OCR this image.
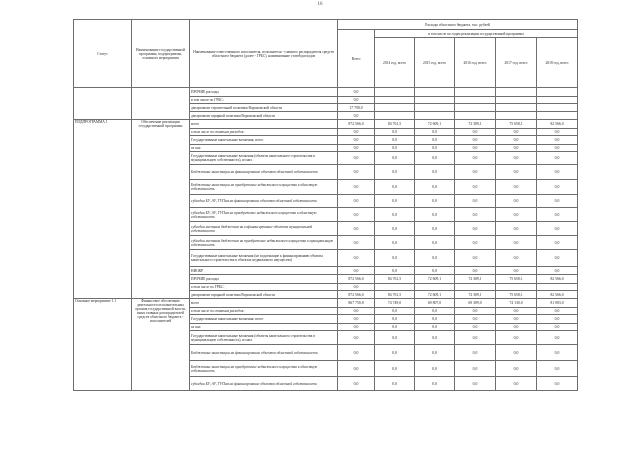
16
Статус	Наименование государственной программы, подпрограммы, основного мероприятия	Наименование ответственного исполнителя, исполнителя - главного распорядителя средств областного бюджета (далее - ГРБС), наименование статей расходов	Расходы областного бюджета, тыс. рублей					
			Всего	в том числе по годам реализации государственной программы				
				2014 год, всего	2015 год, всего	2016 год, всего	2017 год, всего	2018 год, всего
		ПРОЧИЕ расходы	0,0					
		в том числе по ГРБС:	0,0					
		департамент строительной политики Воронежской области	17 790,0					
		департамент аграрной политики Воронежской области	0,0					
ПОДПРОГРАММА 1	Обеспечение реализации государственной программы	всего	872 566,0	84 761,5	72 609,1	72 389,1	75 658,1	82 566,0
		в том числе по статьям расходов:	0,0	0,0	0,0	0,0	0,0	0,0
		Государственные капитальные вложения, всего	0,0	0,0	0,0	0,0	0,0	0,0
		из них:	0,0	0,0	0,0	0,0	0,0	0,0
		Государственные капитальные вложения (объекты капитального строительства в муниципальную собственность), из них	0,0	0,0	0,0	0,0	0,0	0,0
		Бюджетные инвестиции на финансирование объектов областной собственности	0,0	0,0	0,0	0,0	0,0	0,0
		Бюджетные инвестиции на приобретение недвижимого имущества в областную собственность	0,0	0,0	0,0	0,0	0,0	0,0
		субсидии БУ, АУ, ГУПам на финансирование объектов областной собственности	0,0	0,0	0,0	0,0	0,0	0,0
		субсидии БУ, АУ, ГУПам на приобретение недвижимого имущества в областную собственность	0,0	0,0	0,0	0,0	0,0	0,0
		субсидии местным бюджетам на софинансирование объектов муниципальной собственности	0,0	0,0	0,0	0,0	0,0	0,0
		субсидии местным бюджетам на приобретение недвижимого имущества в муниципальную собственность	0,0	0,0	0,0	0,0	0,0	0,0
		Государственные капитальные вложения (не подлежащие к финансированию объекты капитального строительства в объектах недвижимого имущества)	0,0	0,0	0,0	0,0	0,0	0,0
		НИОКР	0,0	0,0	0,0	0,0	0,0	0,0
		ПРОЧИЕ расходы	872 566,0	84 761,5	72 609,1	72 389,1	75 658,1	82 566,0
		в том числе по ГРБС:	0,0					
		департамент аграрной политики Воронежской области	872 566,0	84 761,5	72 609,1	72 389,1	75 658,1	82 566,0
Основное мероприятие 1.1	Финансовое обеспечение деятельности исполнительных органов государственной власти, иных главных распорядителей средств областного бюджета - исполнителей	всего	867 750,8	74 749,0	69 807,0	69 389,0	74 130,0	81 083,0
		в том числе по статьям расходов:	0,0	0,0	0,0	0,0	0,0	0,0
		Государственные капитальные вложения, всего	0,0	0,0	0,0	0,0	0,0	0,0
		из них:	0,0	0,0	0,0	0,0	0,0	0,0
		Государственные капитальные вложения (объекты капитального строительства в муниципальную собственность), из них	0,0	0,0	0,0	0,0	0,0	0,0
		Бюджетные инвестиции на финансирование объектов областной собственности	0,0	0,0	0,0	0,0	0,0	0,0
		Бюджетные инвестиции на приобретение недвижимого имущества в областную собственность	0,0	0,0	0,0	0,0	0,0	0,0
		субсидии БУ, АУ, ГУПам на финансирование объектов областной собственности	0,0	0,0	0,0	0,0	0,0	0,0
